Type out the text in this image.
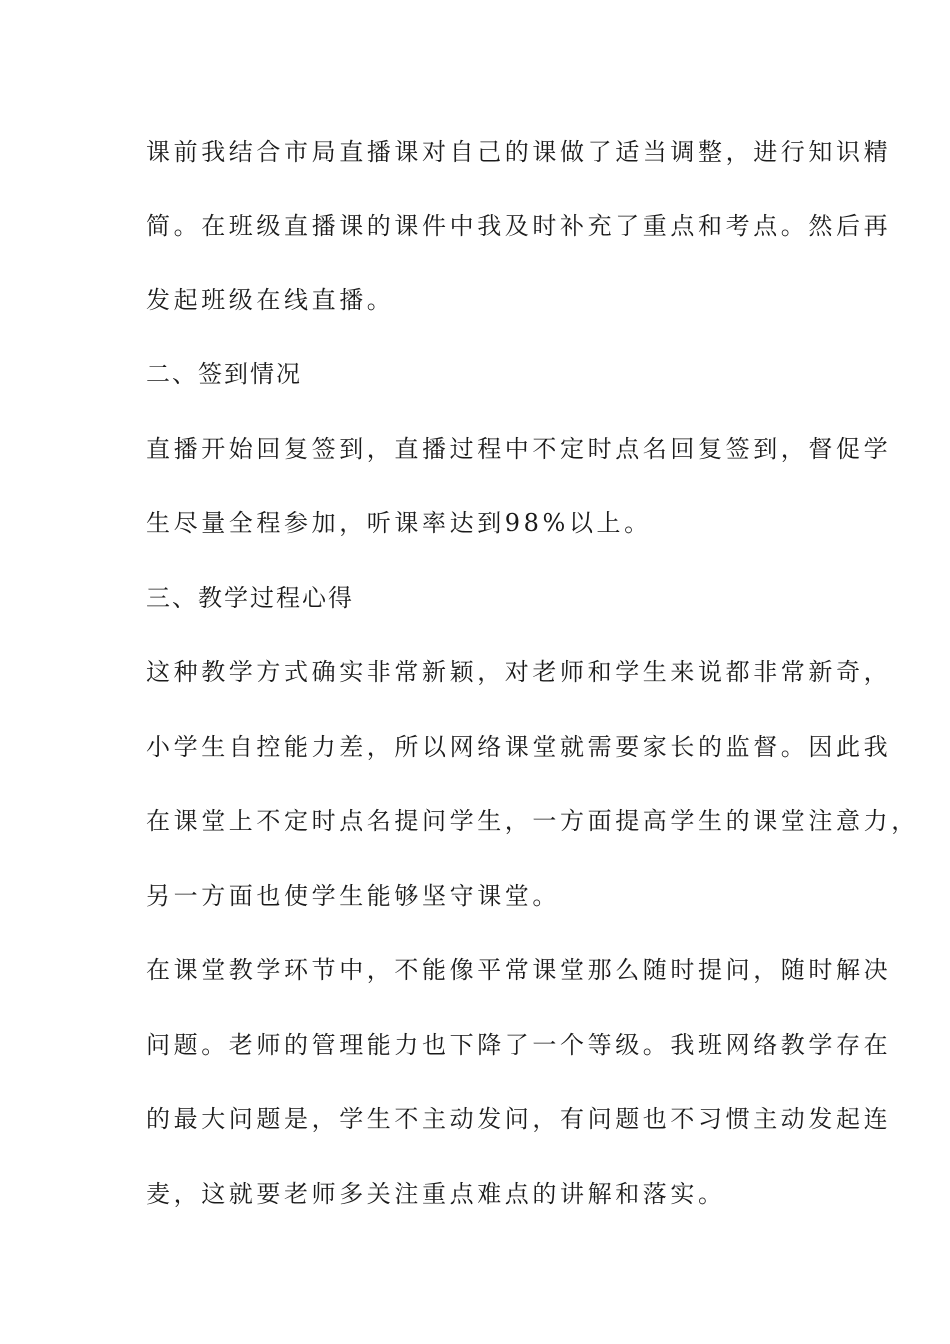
课前我结合市局直播课对自己的课做了适当调整，进行知识精
简。在班级直播课的课件中我及时补充了重点和考点。然后再
发起班级在线直播。
二、签到情况
直播开始回复签到，直播过程中不定时点名回复签到，督促学
生尽量全程参加，听课率达到98%以上。
三、教学过程心得
这种教学方式确实非常新颖，对老师和学生来说都非常新奇，
小学生自控能力差，所以网络课堂就需要家长的监督。因此我
在课堂上不定时点名提问学生，一方面提高学生的课堂注意力，
另一方面也使学生能够坚守课堂。
在课堂教学环节中，不能像平常课堂那么随时提问，随时解决
问题。老师的管理能力也下降了一个等级。我班网络教学存在
的最大问题是，学生不主动发问，有问题也不习惯主动发起连
麦，这就要老师多关注重点难点的讲解和落实。
